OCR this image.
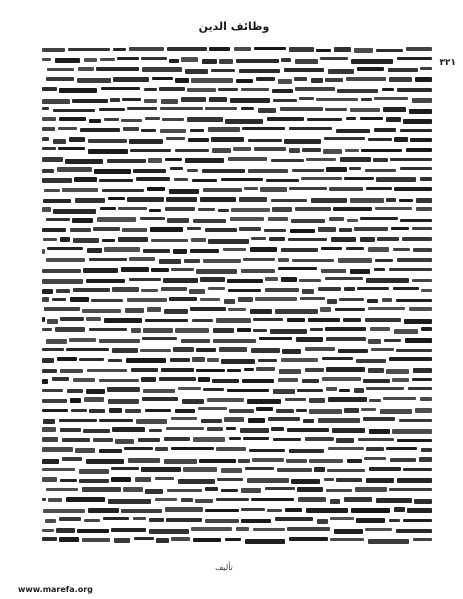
وظائف الدين
٣٢١
تأليف
www.marefa.org
